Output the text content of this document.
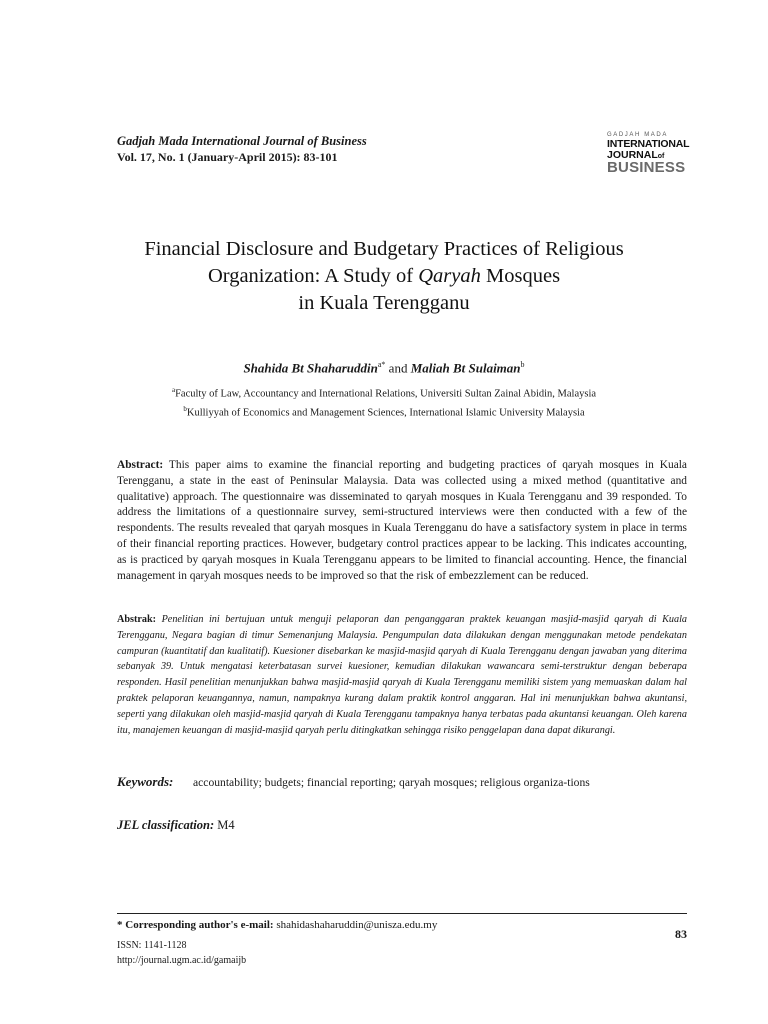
Gadjah Mada International Journal of Business
Vol. 17, No. 1 (January-April 2015): 83-101
GADJAH MADA
INTERNATIONAL
JOURNALof
BUSINESS
Financial Disclosure and Budgetary Practices of Religious
Organization: A Study of Qaryah Mosques
in Kuala Terengganu
Shahida Bt Shaharuddin$^{a*}$ and Maliah Bt Sulaiman$^b$
$^a$Faculty of Law, Accountancy and International Relations, Universiti Sultan Zainal Abidin, Malaysia
$^b$Kulliyyah of Economics and Management Sciences, International Islamic University Malaysia

Abstract: This paper aims to examine the financial reporting and budgeting practices of qaryah mosques in Kuala Terengganu, a state in the east of Peninsular Malaysia. Data was collected using a mixed method (quantitative and qualitative) approach. The questionnaire was disseminated to qaryah mosques in Kuala Terengganu and 39 responded. To address the limitations of a questionnaire survey, semi-structured interviews were then conducted with a few of the respondents. The results revealed that qaryah mosques in Kuala Terengganu do have a satisfactory system in place in terms of their financial reporting practices. However, budgetary control practices appear to be lacking. This indicates accounting, as is practiced by qaryah mosques in Kuala Terengganu appears to be limited to financial accounting. Hence, the financial management in qaryah mosques needs to be improved so that the risk of embezzlement can be reduced.

Abstrak: Penelitian ini bertujuan untuk menguji pelaporan dan penganggaran praktek keuangan masjid-masjid qaryah di Kuala Terengganu, Negara bagian di timur Semenanjung Malaysia. Pengumpulan data dilakukan dengan menggunakan metode pendekatan campuran (kuantitatif dan kualitatif). Kuesioner disebarkan ke masjid-masjid qaryah di Kuala Terengganu dengan jawaban yang diterima sebanyak 39. Untuk mengatasi keterbatasan survei kuesioner, kemudian dilakukan wawancara semi-terstruktur dengan beberapa responden. Hasil penelitian menunjukkan bahwa masjid-masjid qaryah di Kuala Terengganu memiliki sistem yang memuaskan dalam hal praktek pelaporan keuangannya, namun, nampaknya kurang dalam praktik kontrol anggaran. Hal ini menunjukkan bahwa akuntansi, seperti yang dilakukan oleh masjid-masjid qaryah di Kuala Terengganu tampaknya hanya terbatas pada akuntansi keuangan. Oleh karena itu, manajemen keuangan di masjid-masjid qaryah perlu ditingkatkan sehingga risiko penggelapan dana dapat dikurangi.

Keywords: accountability; budgets; financial reporting; qaryah mosques; religious organiza-tions

JEL classification: M4
* Corresponding author's e-mail: shahidashaharuddin@unisza.edu.my
83
ISSN: 1141-1128
http://journal.ugm.ac.id/gamaijb
